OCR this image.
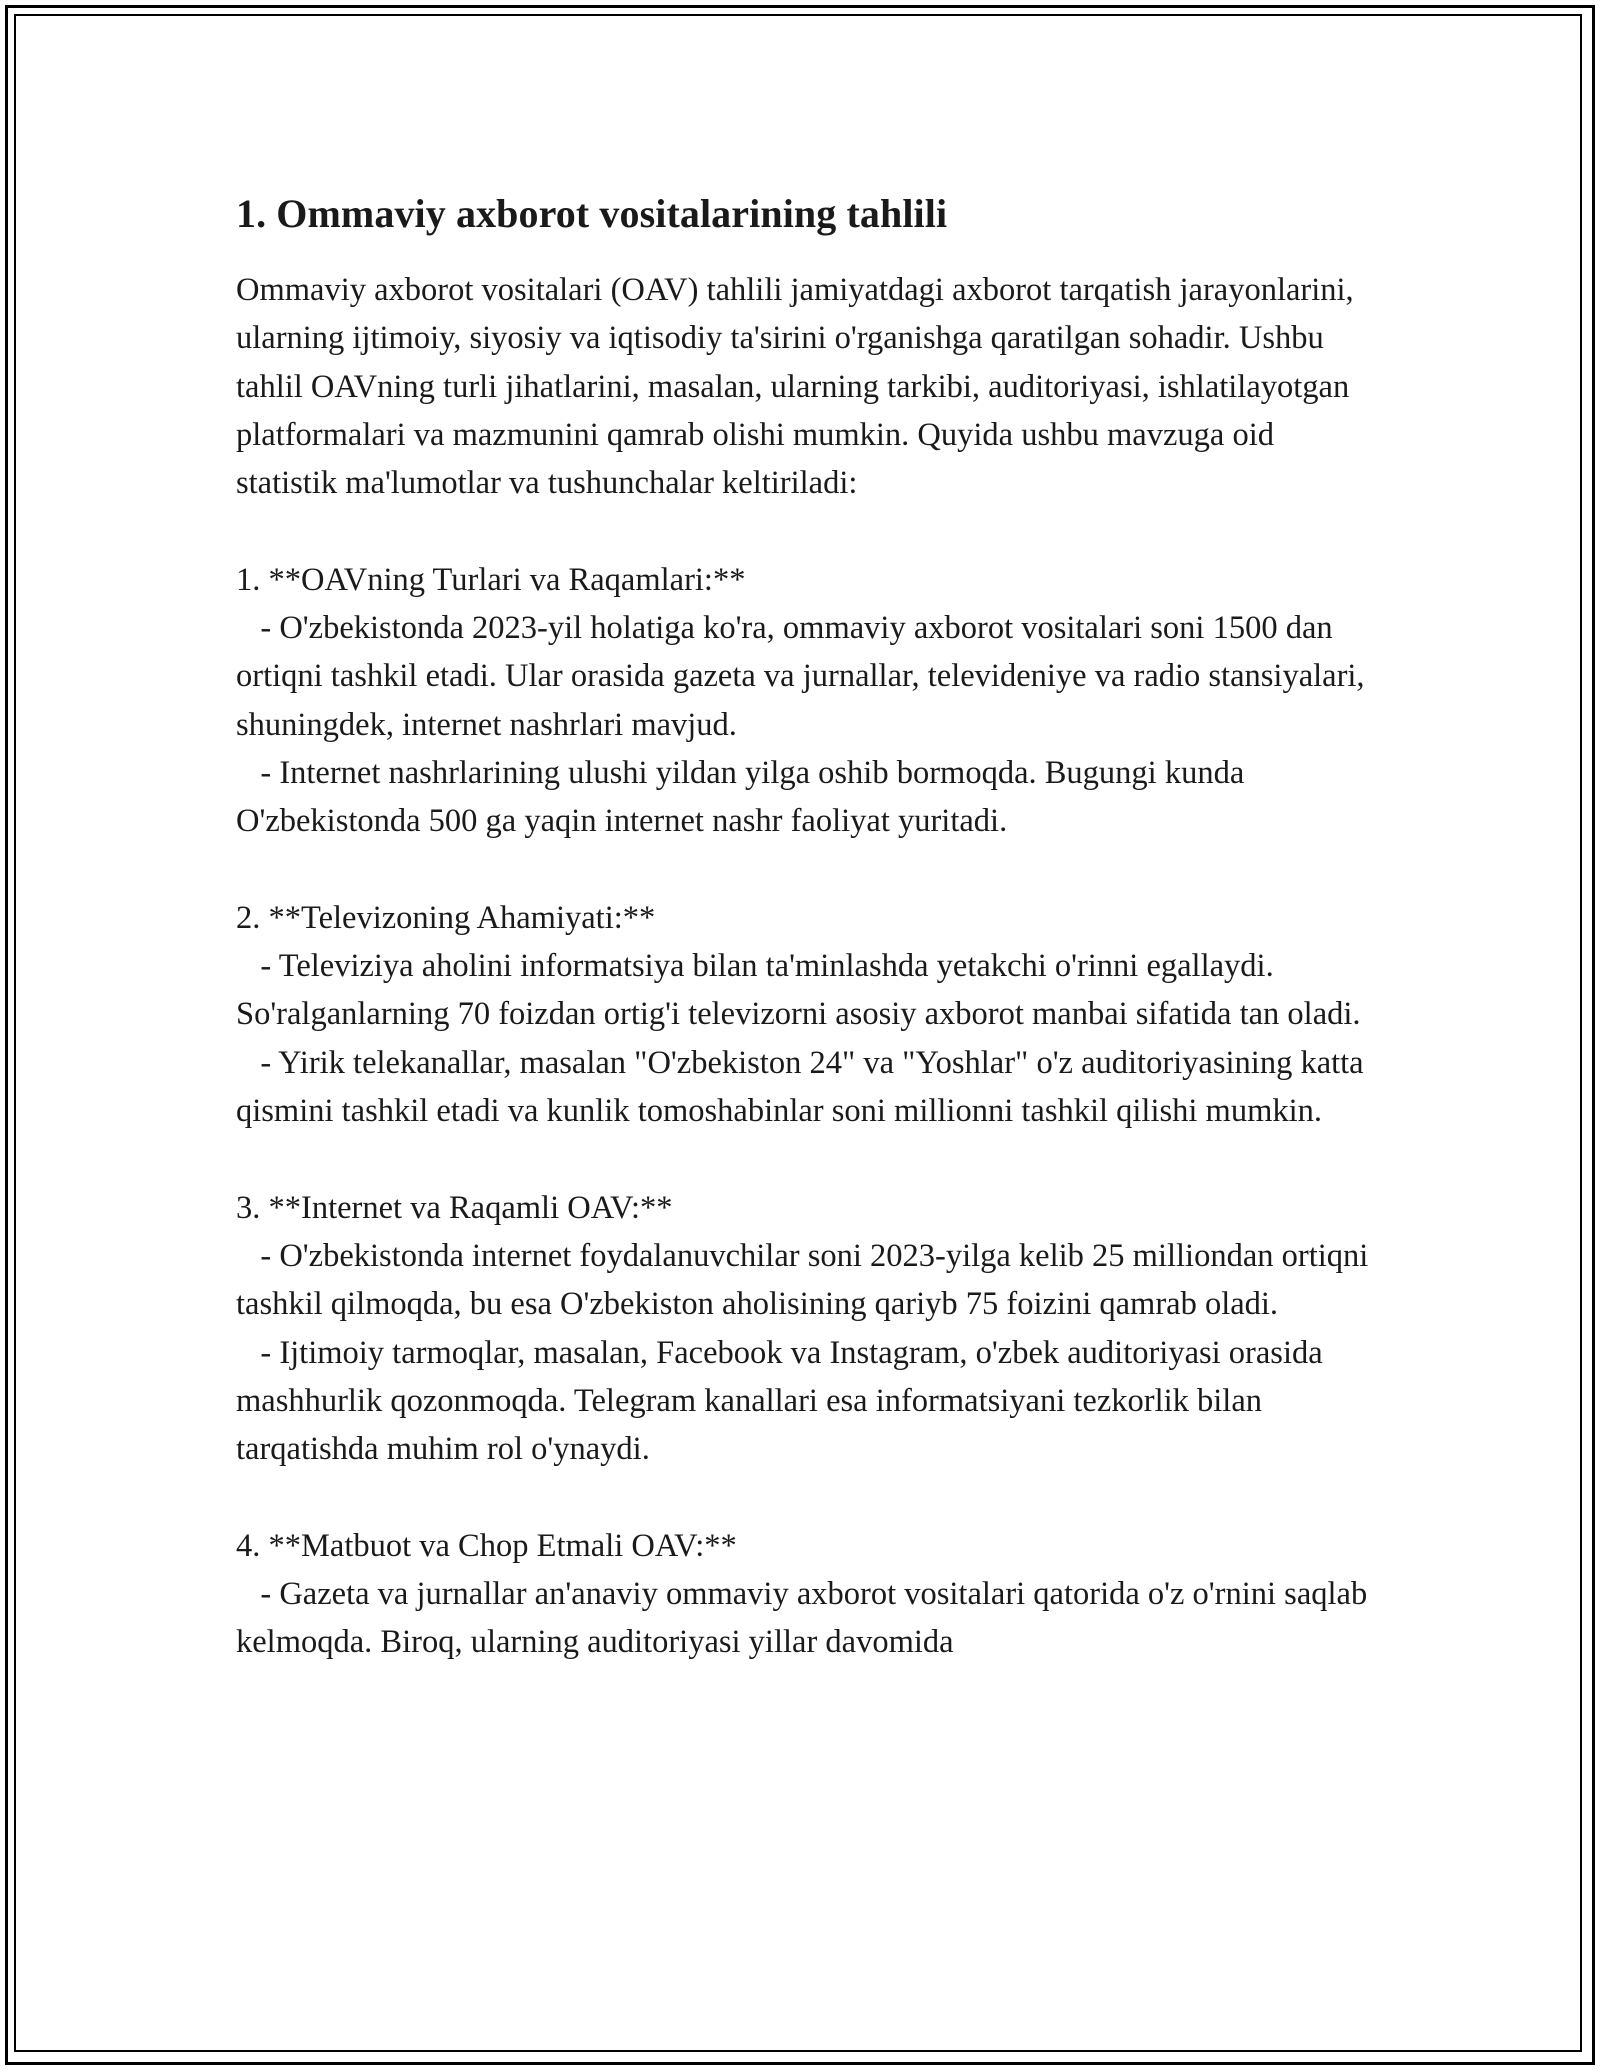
1. Ommaviy axborot vositalarining tahlili

Ommaviy axborot vositalari (OAV) tahlili jamiyatdagi axborot tarqatish jarayonlarini, ularning ijtimoiy, siyosiy va iqtisodiy ta'sirini o'rganishga qaratilgan sohadir. Ushbu tahlil OAVning turli jihatlarini, masalan, ularning tarkibi, auditoriyasi, ishlatilayotgan platformalari va mazmunini qamrab olishi mumkin. Quyida ushbu mavzuga oid statistik ma'lumotlar va tushunchalar keltiriladi:

1. **OAVning Turlari va Raqamlari:**

- O'zbekistonda 2023-yil holatiga ko'ra, ommaviy axborot vositalari soni 1500 dan ortiqni tashkil etadi. Ular orasida gazeta va jurnallar, televideniye va radio stansiyalari, shuningdek, internet nashrlari mavjud.

- Internet nashrlarining ulushi yildan yilga oshib bormoqda. Bugungi kunda O'zbekistonda 500 ga yaqin internet nashr faoliyat yuritadi.

2. **Televizoning Ahamiyati:**

- Televiziya aholini informatsiya bilan ta'minlashda yetakchi o'rinni egallaydi. So'ralganlarning 70 foizdan ortig'i televizorni asosiy axborot manbai sifatida tan oladi.

- Yirik telekanallar, masalan "O'zbekiston 24" va "Yoshlar" o'z auditoriyasining katta qismini tashkil etadi va kunlik tomoshabinlar soni millionni tashkil qilishi mumkin.

3. **Internet va Raqamli OAV:**

- O'zbekistonda internet foydalanuvchilar soni 2023-yilga kelib 25 milliondan ortiqni tashkil qilmoqda, bu esa O'zbekiston aholisining qariyb 75 foizini qamrab oladi.

- Ijtimoiy tarmoqlar, masalan, Facebook va Instagram, o'zbek auditoriyasi orasida mashhurlik qozonmoqda. Telegram kanallari esa informatsiyani tezkorlik bilan tarqatishda muhim rol o'ynaydi.

4. **Matbuot va Chop Etmali OAV:**

- Gazeta va jurnallar an'anaviy ommaviy axborot vositalari qatorida o'z o'rnini saqlab kelmoqda. Biroq, ularning auditoriyasi yillar davomida
